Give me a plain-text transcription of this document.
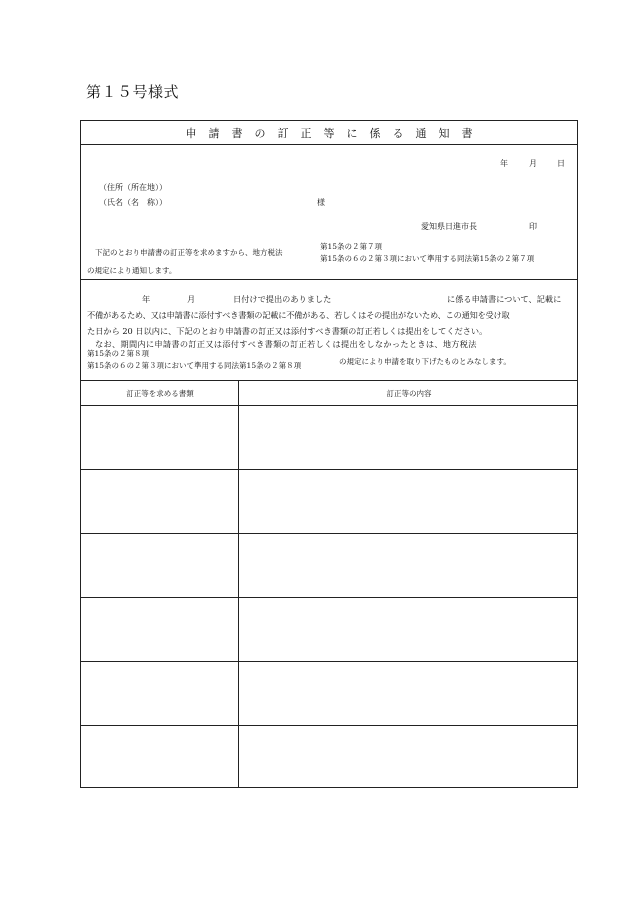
第１５号様式
申請書の訂正等に係る通知書
年	月	日
（住所（所在地））
（氏名（名　称））	様
愛知県日進市長	印
下記のとおり申請書の訂正等を求めますから、地方税法
第15条の２第７項
第15条の６の２第３項において準用する同法第15条の２第７項
の規定により通知します。
年	月	日付けで提出のありました	に係る申請書について、記載に
不備があるため、又は申請書に添付すべき書類の記載に不備がある、若しくはその提出がないため、この通知を受け取
た日から 20 日以内に、下記のとおり申請書の訂正又は添付すべき書類の訂正若しくは提出をしてください。
なお、期間内に申請書の訂正又は添付すべき書類の訂正若しくは提出をしなかったときは、地方税法
第15条の２第８項
第15条の６の２第３項において準用する同法第15条の２第８項	の規定により申請を取り下げたものとみなします。
訂正等を求める書類	訂正等の内容
